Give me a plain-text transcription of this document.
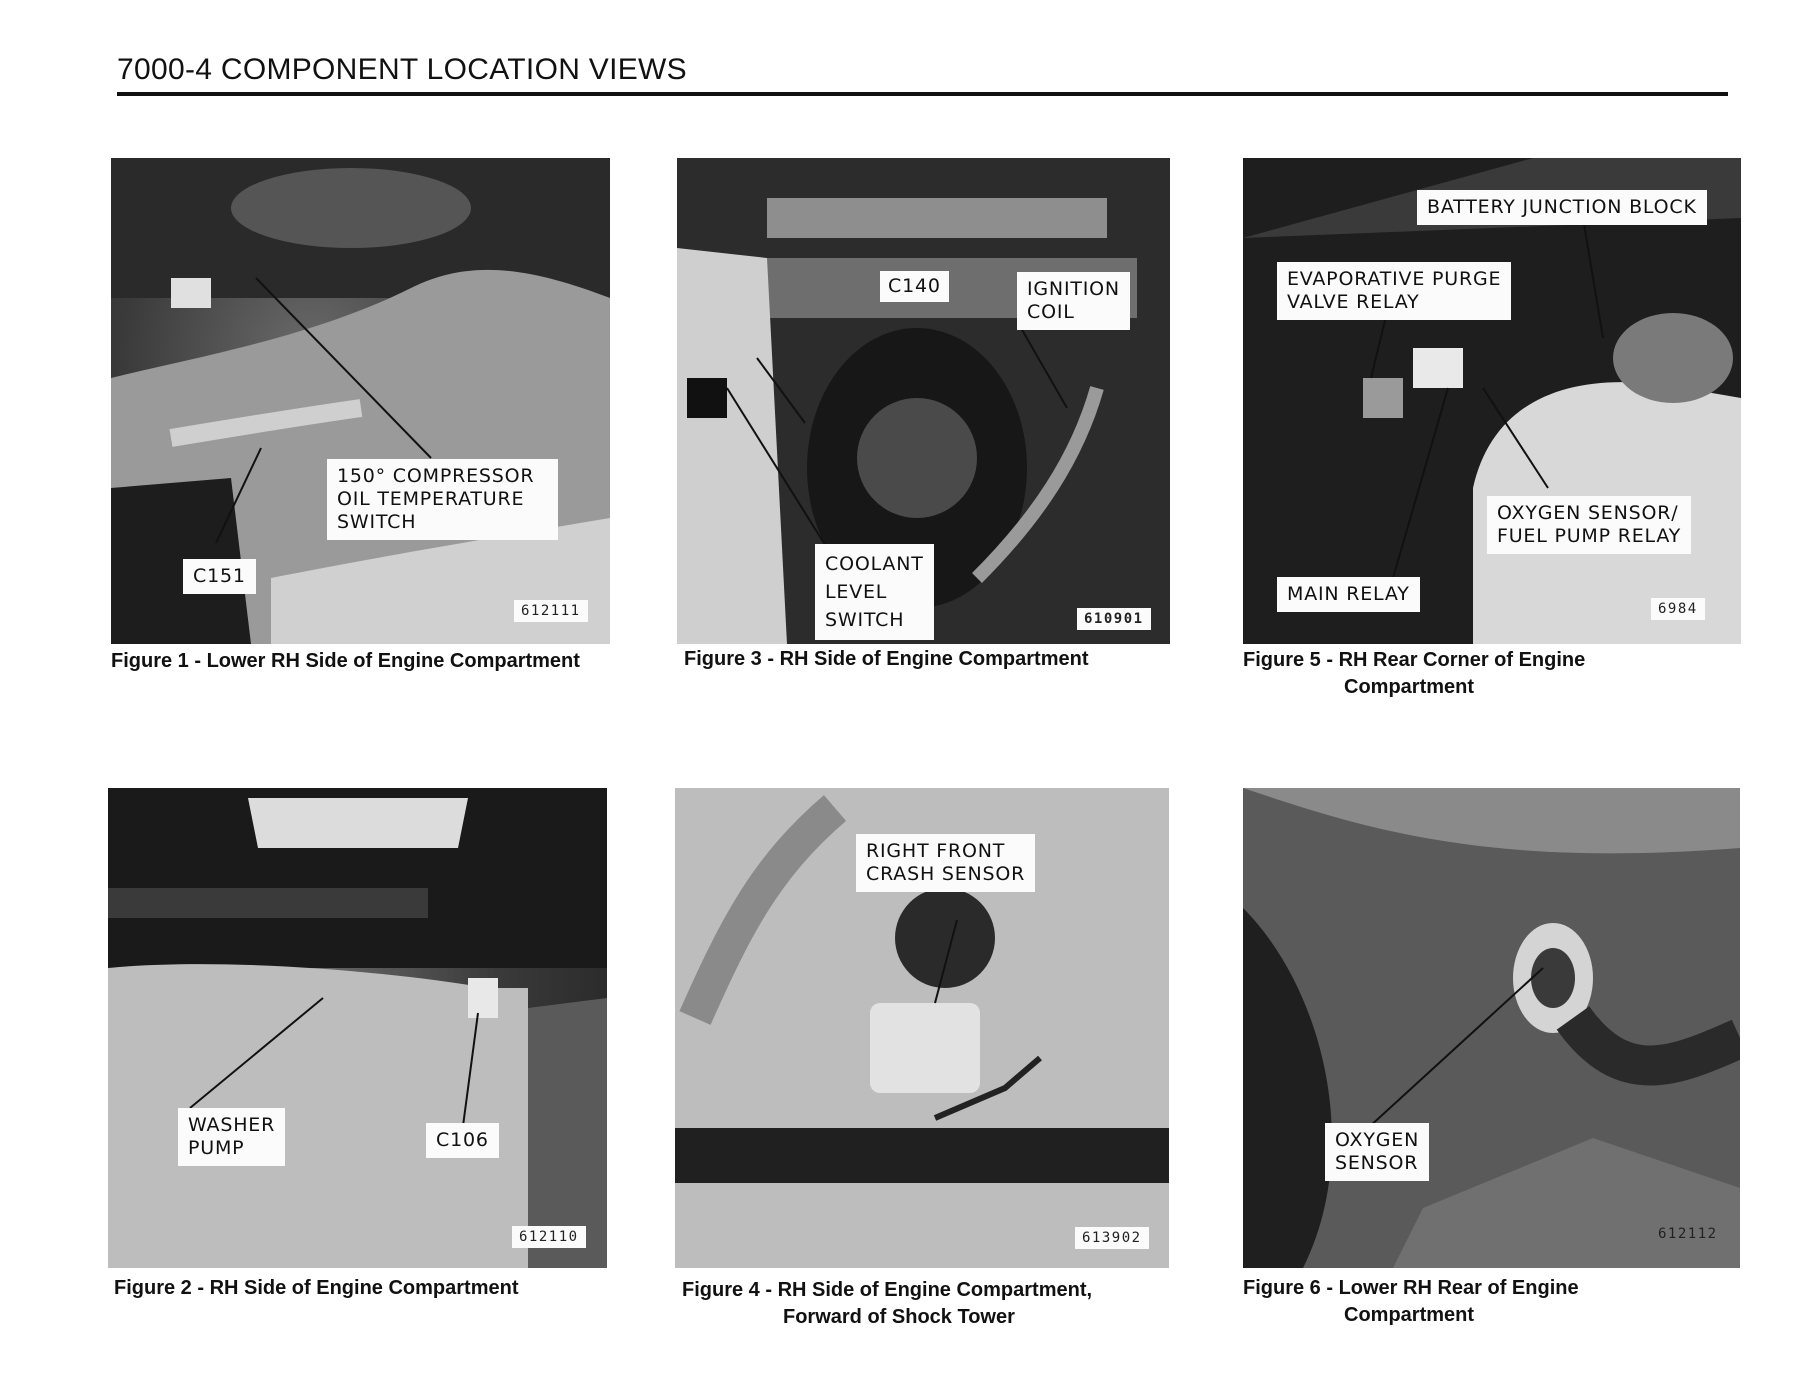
7000-4 COMPONENT LOCATION VIEWS
150° COMPRESSOR
OIL TEMPERATURE
SWITCH
C151
612111
Figure 1 - Lower RH Side of Engine Compartment
WASHER
PUMP	C106
612110
Figure 2 - RH Side of Engine Compartment
C140	IGNITION
COIL
COOLANT
LEVEL
SWITCH	610901
Figure 3 - RH Side of Engine Compartment
RIGHT FRONT
CRASH SENSOR
613902
Figure 4 - RH Side of Engine Compartment,
Forward of Shock Tower
BATTERY JUNCTION BLOCK
EVAPORATIVE PURGE
VALVE RELAY
OXYGEN SENSOR/
FUEL PUMP RELAY
MAIN RELAY
6984
Figure 5 - RH Rear Corner of Engine
Compartment
OXYGEN
SENSOR
612112
Figure 6 - Lower RH Rear of Engine
Compartment
